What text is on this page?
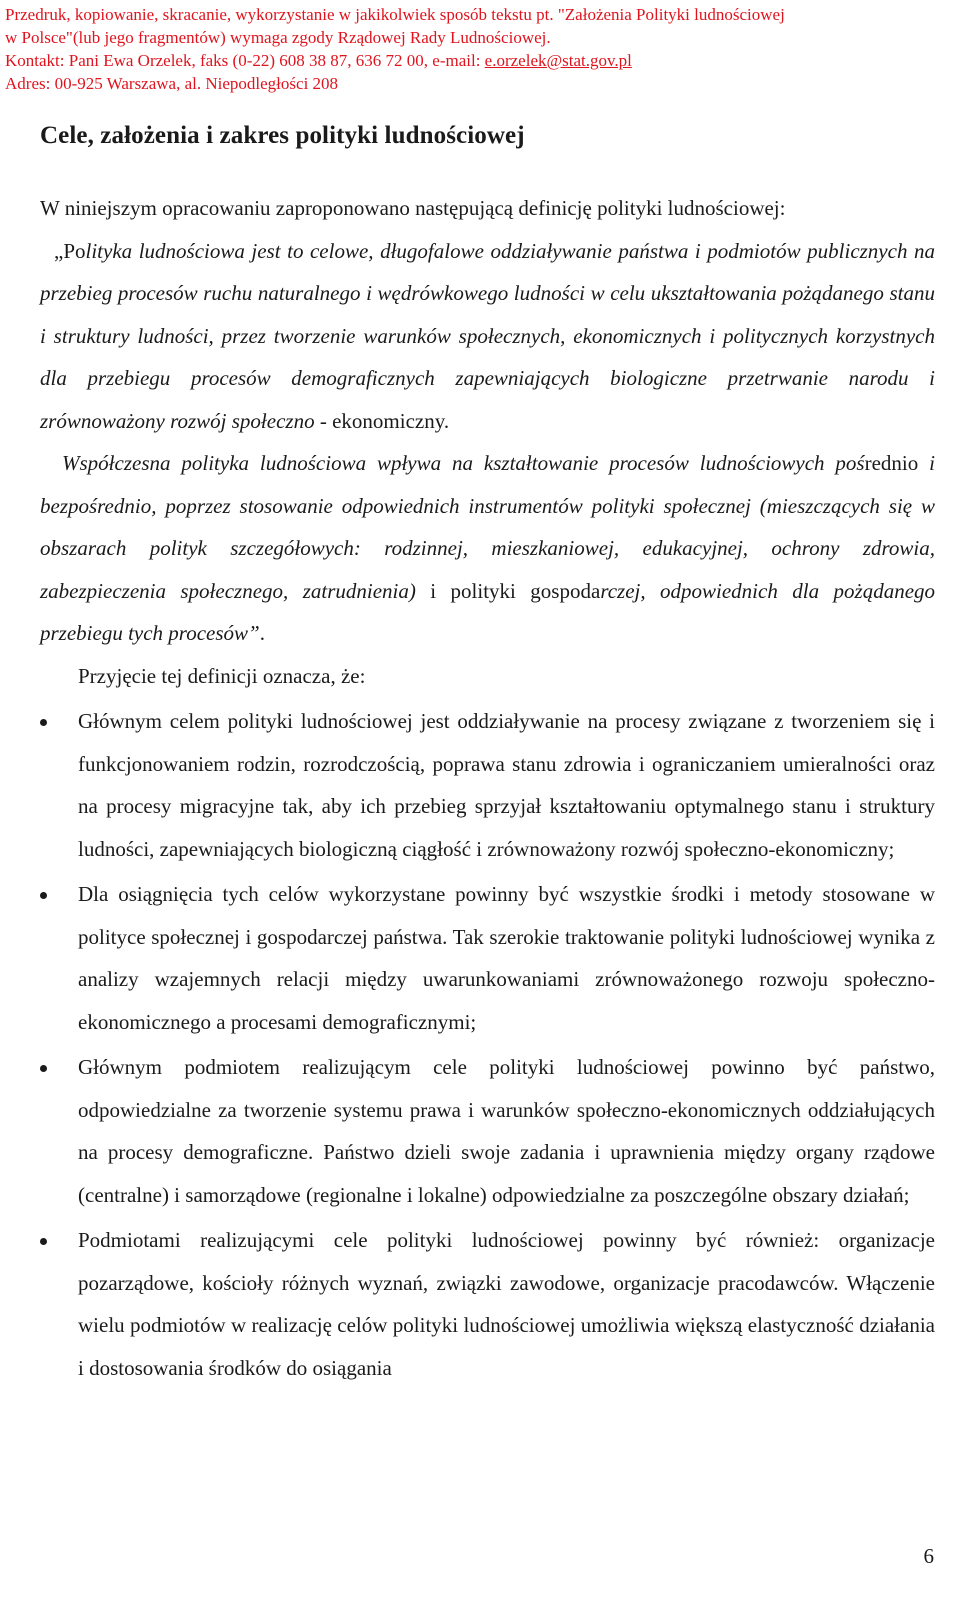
Przedruk, kopiowanie, skracanie, wykorzystanie w jakikolwiek sposób tekstu pt. "Założenia Polityki ludnościowej
w Polsce"(lub jego fragmentów) wymaga zgody Rządowej Rady Ludnościowej.
Kontakt: Pani Ewa Orzelek, faks (0-22) 608 38 87, 636 72 00, e-mail: e.orzelek@stat.gov.pl
Adres: 00-925 Warszawa, al. Niepodległości 208
Cele, założenia i zakres polityki ludnościowej

W niniejszym opracowaniu zaproponowano następującą definicję polityki ludnościowej:

„Polityka ludnościowa jest to celowe, długofalowe oddziaływanie państwa i podmiotów publicznych na przebieg procesów ruchu naturalnego i wędrówkowego ludności w celu ukształtowania pożądanego stanu i struktury ludności, przez tworzenie warunków społecznych, ekonomicznych i politycznych korzystnych dla przebiegu procesów demograficznych zapewniających biologiczne przetrwanie narodu i zrównoważony rozwój społeczno - ekonomiczny.

Współczesna polityka ludnościowa wpływa na kształtowanie procesów ludnościowych pośrednio i bezpośrednio, poprzez stosowanie odpowiednich instrumentów polityki społecznej (mieszczących się w obszarach polityk szczegółowych: rodzinnej, mieszkaniowej, edukacyjnej, ochrony zdrowia, zabezpieczenia społecznego, zatrudnienia) i polityki gospodarczej, odpowiednich dla pożądanego przebiegu tych procesów”.

Przyjęcie tej definicji oznacza, że:

Głównym celem polityki ludnościowej jest oddziaływanie na procesy związane z tworzeniem się i funkcjonowaniem rodzin, rozrodczością, poprawa stanu zdrowia i ograniczaniem umieralności oraz na procesy migracyjne tak, aby ich przebieg sprzyjał kształtowaniu optymalnego stanu i struktury ludności, zapewniających biologiczną ciągłość i zrównoważony rozwój społeczno-ekonomiczny;
Dla osiągnięcia tych celów wykorzystane powinny być wszystkie środki i metody stosowane w polityce społecznej i gospodarczej państwa. Tak szerokie traktowanie polityki ludnościowej wynika z analizy wzajemnych relacji między uwarunkowaniami zrównoważonego rozwoju społeczno-ekonomicznego a procesami demograficznymi;
Głównym podmiotem realizującym cele polityki ludnościowej powinno być państwo, odpowiedzialne za tworzenie systemu prawa i warunków społeczno-ekonomicznych oddziałujących na procesy demograficzne. Państwo dzieli swoje zadania i uprawnienia między organy rządowe (centralne) i samorządowe (regionalne i lokalne) odpowiedzialne za poszczególne obszary działań;
Podmiotami realizującymi cele polityki ludnościowej powinny być również: organizacje pozarządowe, kościoły różnych wyznań, związki zawodowe, organizacje pracodawców. Włączenie wielu podmiotów w realizację celów polityki ludnościowej umożliwia większą elastyczność działania i dostosowania środków do osiągania
6
